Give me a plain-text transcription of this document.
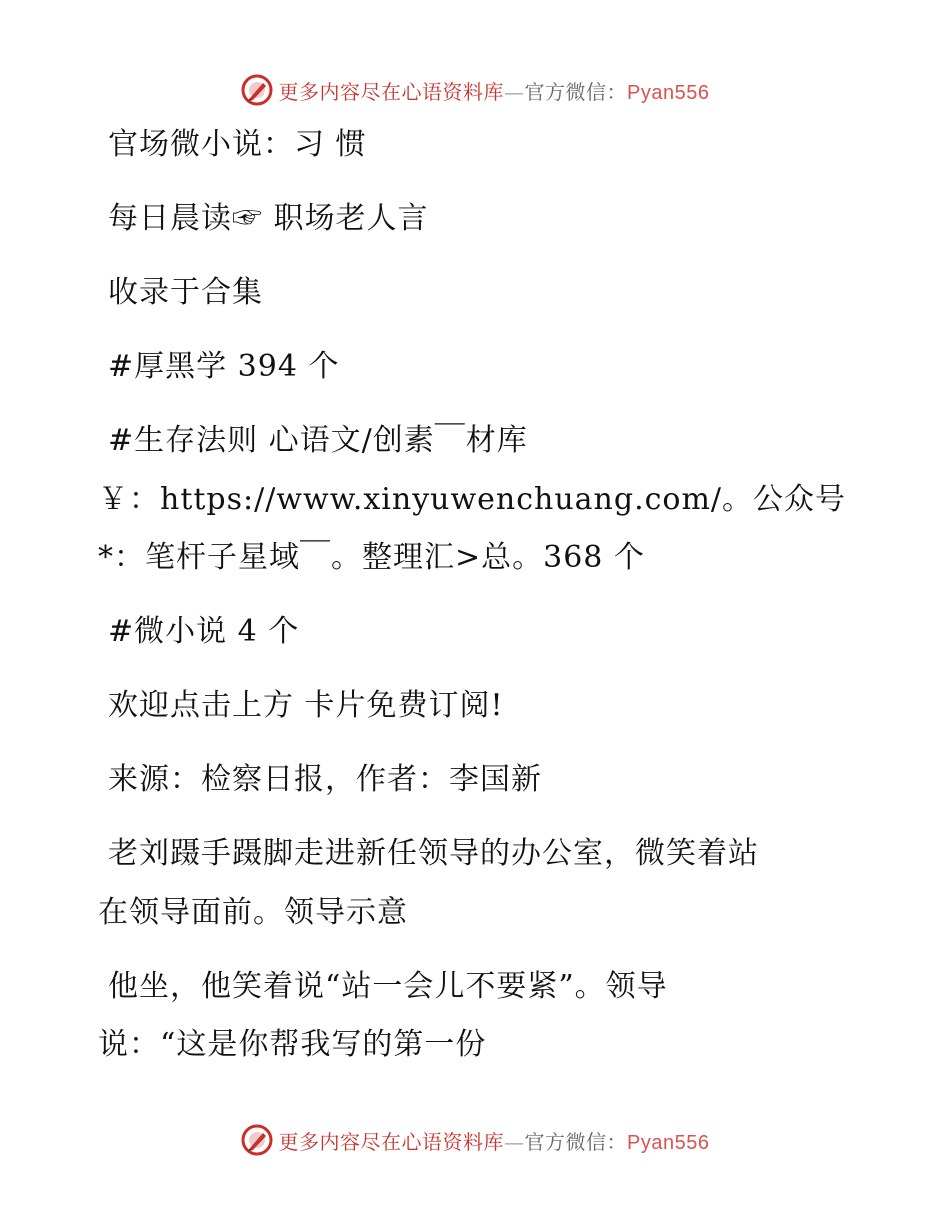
更多内容尽在心语资料库—官方微信：Pyan556
官场微小说：习 惯
每日晨读☞ 职场老人言
收录于合集
#厚黑学 394 个
#生存法则 心语文/创素￣材库
￥：https://www.xinyuwenchuang.com/。公众号
*：笔杆子星域￣。整理汇>总。368 个
#微小说 4 个
欢迎点击上方 卡片免费订阅!
来源：检察日报，作者：李国新
老刘蹑手蹑脚走进新任领导的办公室，微笑着站
在领导面前。领导示意
他坐，他笑着说“站一会儿不要紧”。领导
说：“这是你帮我写的第一份
更多内容尽在心语资料库—官方微信：Pyan556
